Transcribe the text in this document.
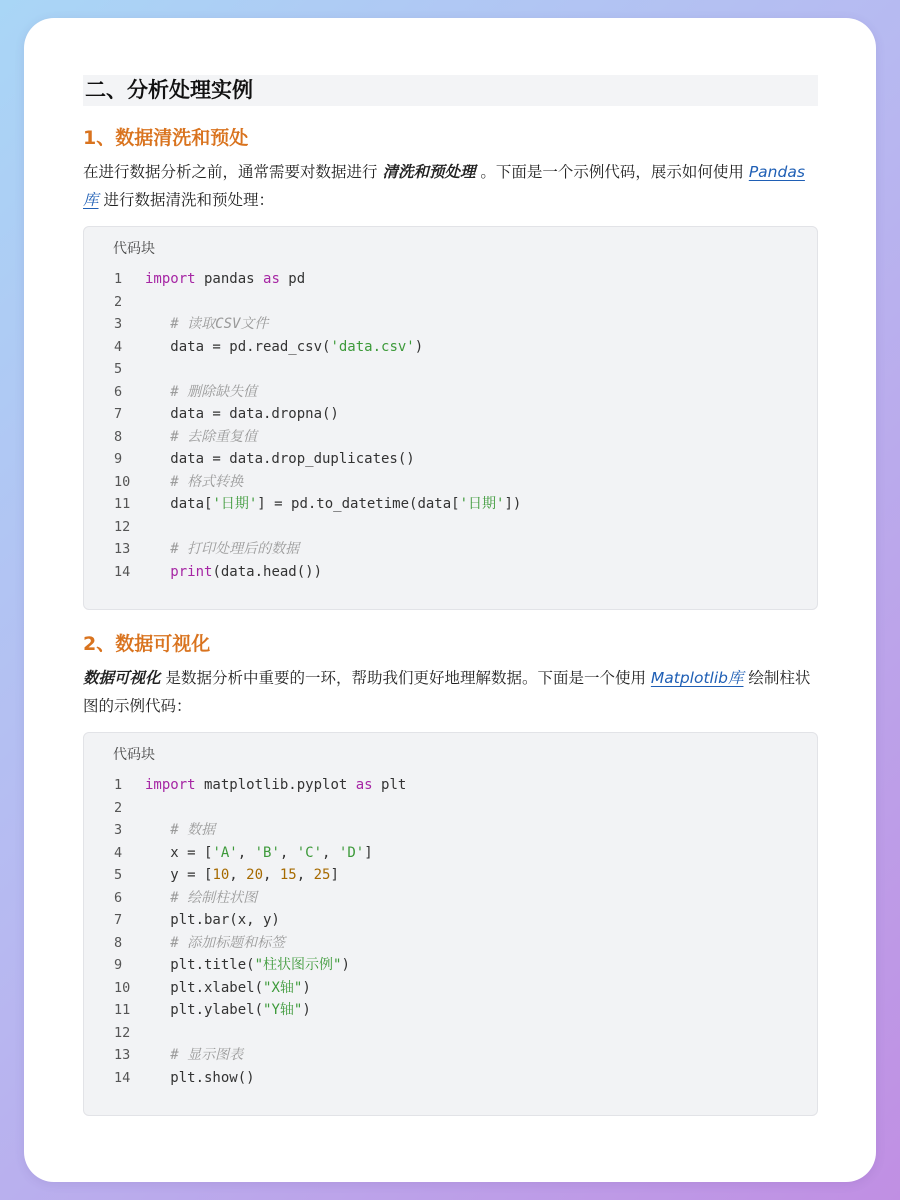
二、分析处理实例
1、数据清洗和预处

在进行数据分析之前，通常需要对数据进行 清洗和预处理 。下面是一个示例代码，展示如何使用 Pandas库 进行数据清洗和预处理：

代码块
1	import pandas as pd
2
3	# 读取CSV文件
4	data = pd.read_csv('data.csv')
5
6	# 删除缺失值
7	data = data.dropna()
8	# 去除重复值
9	data = data.drop_duplicates()
10	# 格式转换
11	data['日期'] = pd.to_datetime(data['日期'])
12
13	# 打印处理后的数据
14	print(data.head())
2、数据可视化

数据可视化 是数据分析中重要的一环，帮助我们更好地理解数据。下面是一个使用 Matplotlib库 绘制柱状图的示例代码：

代码块
1	import matplotlib.pyplot as plt
2
3	# 数据
4	x = ['A', 'B', 'C', 'D']
5	y = [10, 20, 15, 25]
6	# 绘制柱状图
7	plt.bar(x, y)
8	# 添加标题和标签
9	plt.title("柱状图示例")
10	plt.xlabel("X轴")
11	plt.ylabel("Y轴")
12
13	# 显示图表
14	plt.show()
